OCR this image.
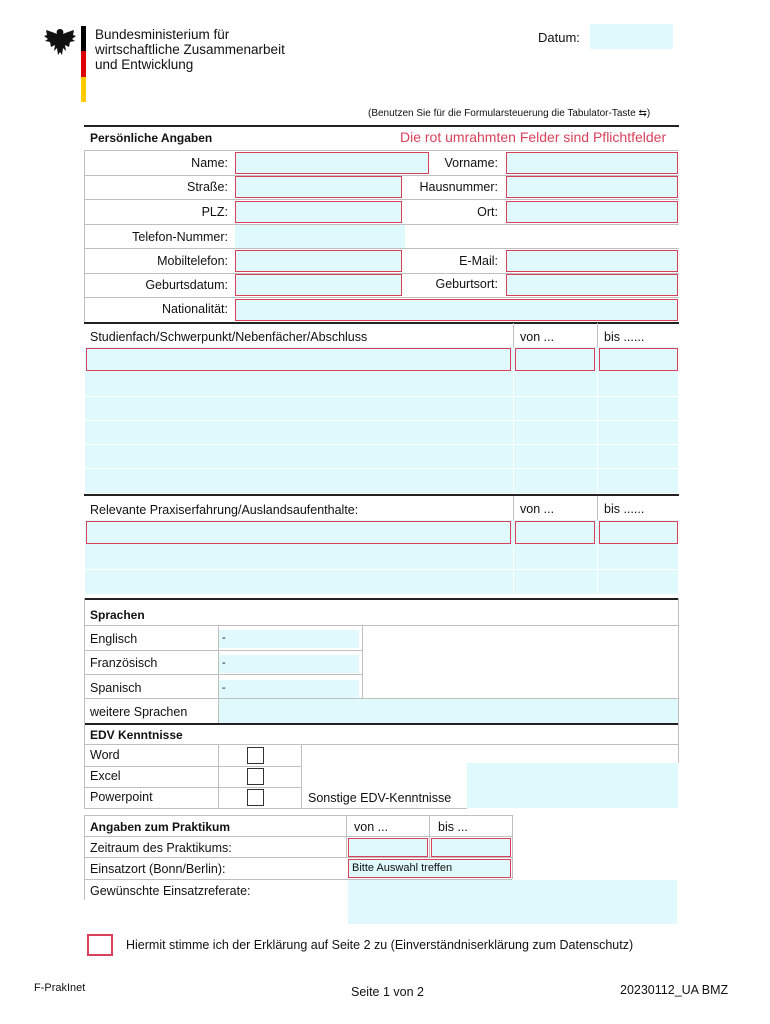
Bundesministerium für
wirtschaftliche Zusammenarbeit
und Entwicklung
Datum:
(Benutzen Sie für die Formularsteuerung die Tabulator-Taste ⇆)
Persönliche Angaben	Die rot umrahmten Felder sind Pflichtfelder
Name:	Vorname:
Straße:	Hausnummer:
PLZ:	Ort:
Telefon-Nummer:
Mobiltelefon:	E-Mail:
Geburtsdatum:	Geburtsort:
Nationalität:
Studienfach/Schwerpunkt/Nebenfächer/Abschluss	von ...	bis ......
Relevante Praxiserfahrung/Auslandsaufenthalte:	von ...	bis ......
Sprachen
Englisch	-
Französisch	-
Spanisch	-
weitere Sprachen
EDV Kenntnisse
Word
Excel
Powerpoint	Sonstige EDV-Kenntnisse
Angaben zum Praktikum	von ...	bis ...
Zeitraum des Praktikums:
Einsatzort (Bonn/Berlin):	Bitte Auswahl treffen
Gewünschte Einsatzreferate:
Hiermit stimme ich der Erklärung auf Seite 2 zu (Einverständniserklärung zum Datenschutz)
F-PrakInet	Seite 1 von 2	20230112_UA BMZ
